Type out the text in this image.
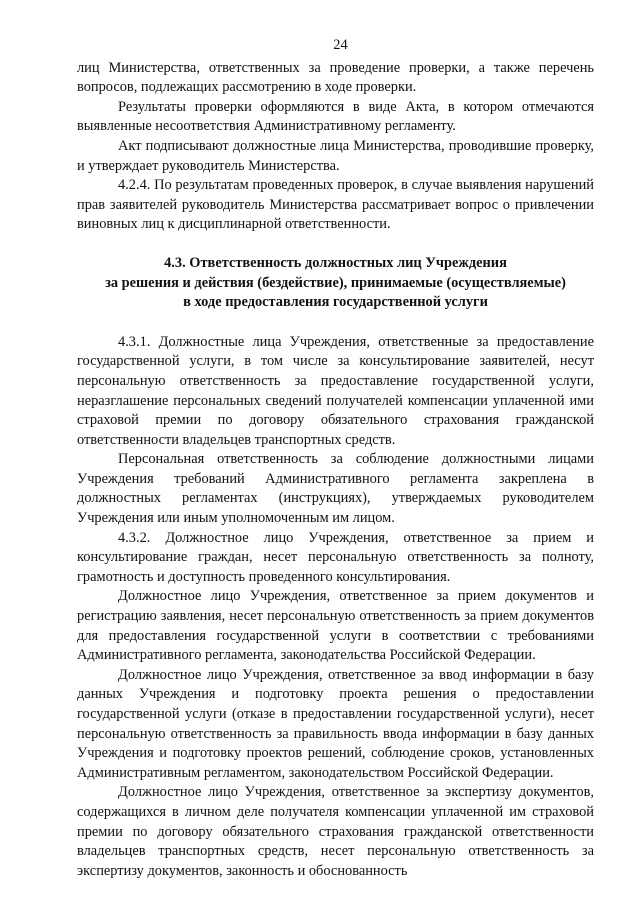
24

лиц Министерства, ответственных за проведение проверки, а также перечень вопросов, подлежащих рассмотрению в ходе проверки.

Результаты проверки оформляются в виде Акта, в котором отмечаются выявленные несоответствия Административному регламенту.

Акт подписывают должностные лица Министерства, проводившие проверку, и утверждает руководитель Министерства.

4.2.4. По результатам проведенных проверок, в случае выявления нарушений прав заявителей руководитель Министерства рассматривает вопрос о привлечении виновных лиц к дисциплинарной ответственности.

4.3. Ответственность должностных лиц Учреждения
за решения и действия (бездействие), принимаемые (осуществляемые)
в ходе предоставления государственной услуги

4.3.1. Должностные лица Учреждения, ответственные за предоставление государственной услуги, в том числе за консультирование заявителей, несут персональную ответственность за предоставление государственной услуги, неразглашение персональных сведений получателей компенсации уплаченной ими страховой премии по договору обязательного страхования гражданской ответственности владельцев транспортных средств.

Персональная ответственность за соблюдение должностными лицами Учреждения требований Административного регламента закреплена в должностных регламентах (инструкциях), утверждаемых руководителем Учреждения или иным уполномоченным им лицом.

4.3.2. Должностное лицо Учреждения, ответственное за прием и консультирование граждан, несет персональную ответственность за полноту, грамотность и доступность проведенного консультирования.

Должностное лицо Учреждения, ответственное за прием документов и регистрацию заявления, несет персональную ответственность за прием документов для предоставления государственной услуги в соответствии с требованиями Административного регламента, законодательства Российской Федерации.

Должностное лицо Учреждения, ответственное за ввод информации в базу данных Учреждения и подготовку проекта решения о предоставлении государственной услуги (отказе в предоставлении государственной услуги), несет персональную ответственность за правильность ввода информации в базу данных Учреждения и подготовку проектов решений, соблюдение сроков, установленных Административным регламентом, законодательством Российской Федерации.

Должностное лицо Учреждения, ответственное за экспертизу документов, содержащихся в личном деле получателя компенсации уплаченной им страховой премии по договору обязательного страхования гражданской ответственности владельцев транспортных средств, несет персональную ответственность за экспертизу документов, законность и обоснованность
